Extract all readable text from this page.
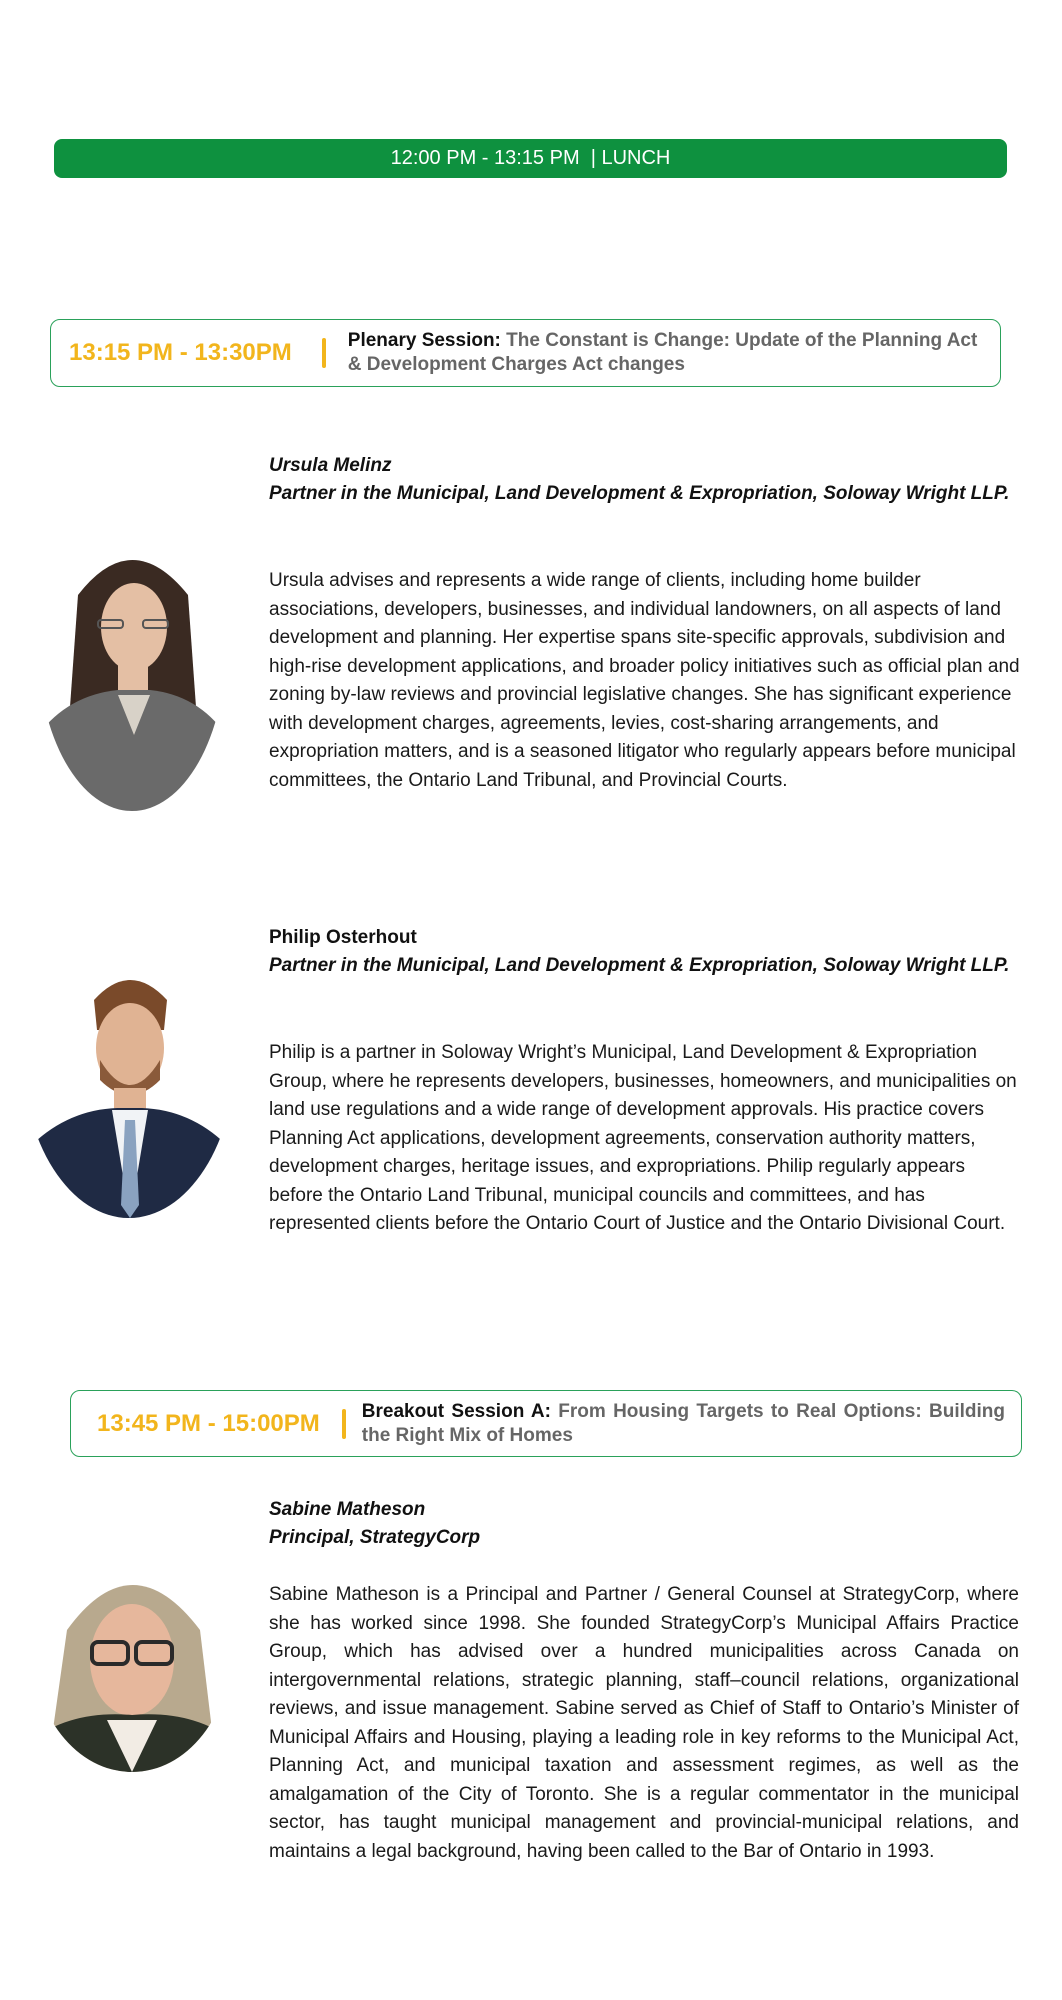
12:00 PM - 13:15 PM  | LUNCH
13:15 PM - 13:30PM	Plenary Session: The Constant is Change: Update of the Planning Act & Development Charges Act changes
Ursula Melinz
Partner in the Municipal, Land Development & Expropriation, Soloway Wright LLP.
Ursula advises and represents a wide range of clients, including home builder associations, developers, businesses, and individual landowners, on all aspects of land development and planning. Her expertise spans site-specific approvals, subdivision and high-rise development applications, and broader policy initiatives such as official plan and zoning by-law reviews and provincial legislative changes. She has significant experience with development charges, agreements, levies, cost-sharing arrangements, and expropriation matters, and is a seasoned litigator who regularly appears before municipal committees, the Ontario Land Tribunal, and Provincial Courts.
Philip Osterhout
Partner in the Municipal, Land Development & Expropriation, Soloway Wright LLP.
Philip is a partner in Soloway Wright’s Municipal, Land Development & Expropriation Group, where he represents developers, businesses, homeowners, and municipalities on land use regulations and a wide range of development approvals. His practice covers Planning Act applications, development agreements, conservation authority matters, development charges, heritage issues, and expropriations. Philip regularly appears before the Ontario Land Tribunal, municipal councils and committees, and has represented clients before the Ontario Court of Justice and the Ontario Divisional Court.
13:45 PM - 15:00PM Breakout Session A: From Housing Targets to Real Options: Building the Right Mix of Homes
Sabine Matheson
Principal, StrategyCorp
Sabine Matheson is a Principal and Partner / General Counsel at StrategyCorp, where she has worked since 1998. She founded StrategyCorp’s Municipal Affairs Practice Group, which has advised over a hundred municipalities across Canada on intergovernmental relations, strategic planning, staff–council relations, organizational reviews, and issue management. Sabine served as Chief of Staff to Ontario’s Minister of Municipal Affairs and Housing, playing a leading role in key reforms to the Municipal Act, Planning Act, and municipal taxation and assessment regimes, as well as the amalgamation of the City of Toronto. She is a regular commentator in the municipal sector, has taught municipal management and provincial-municipal relations, and maintains a legal background, having been called to the Bar of Ontario in 1993.
